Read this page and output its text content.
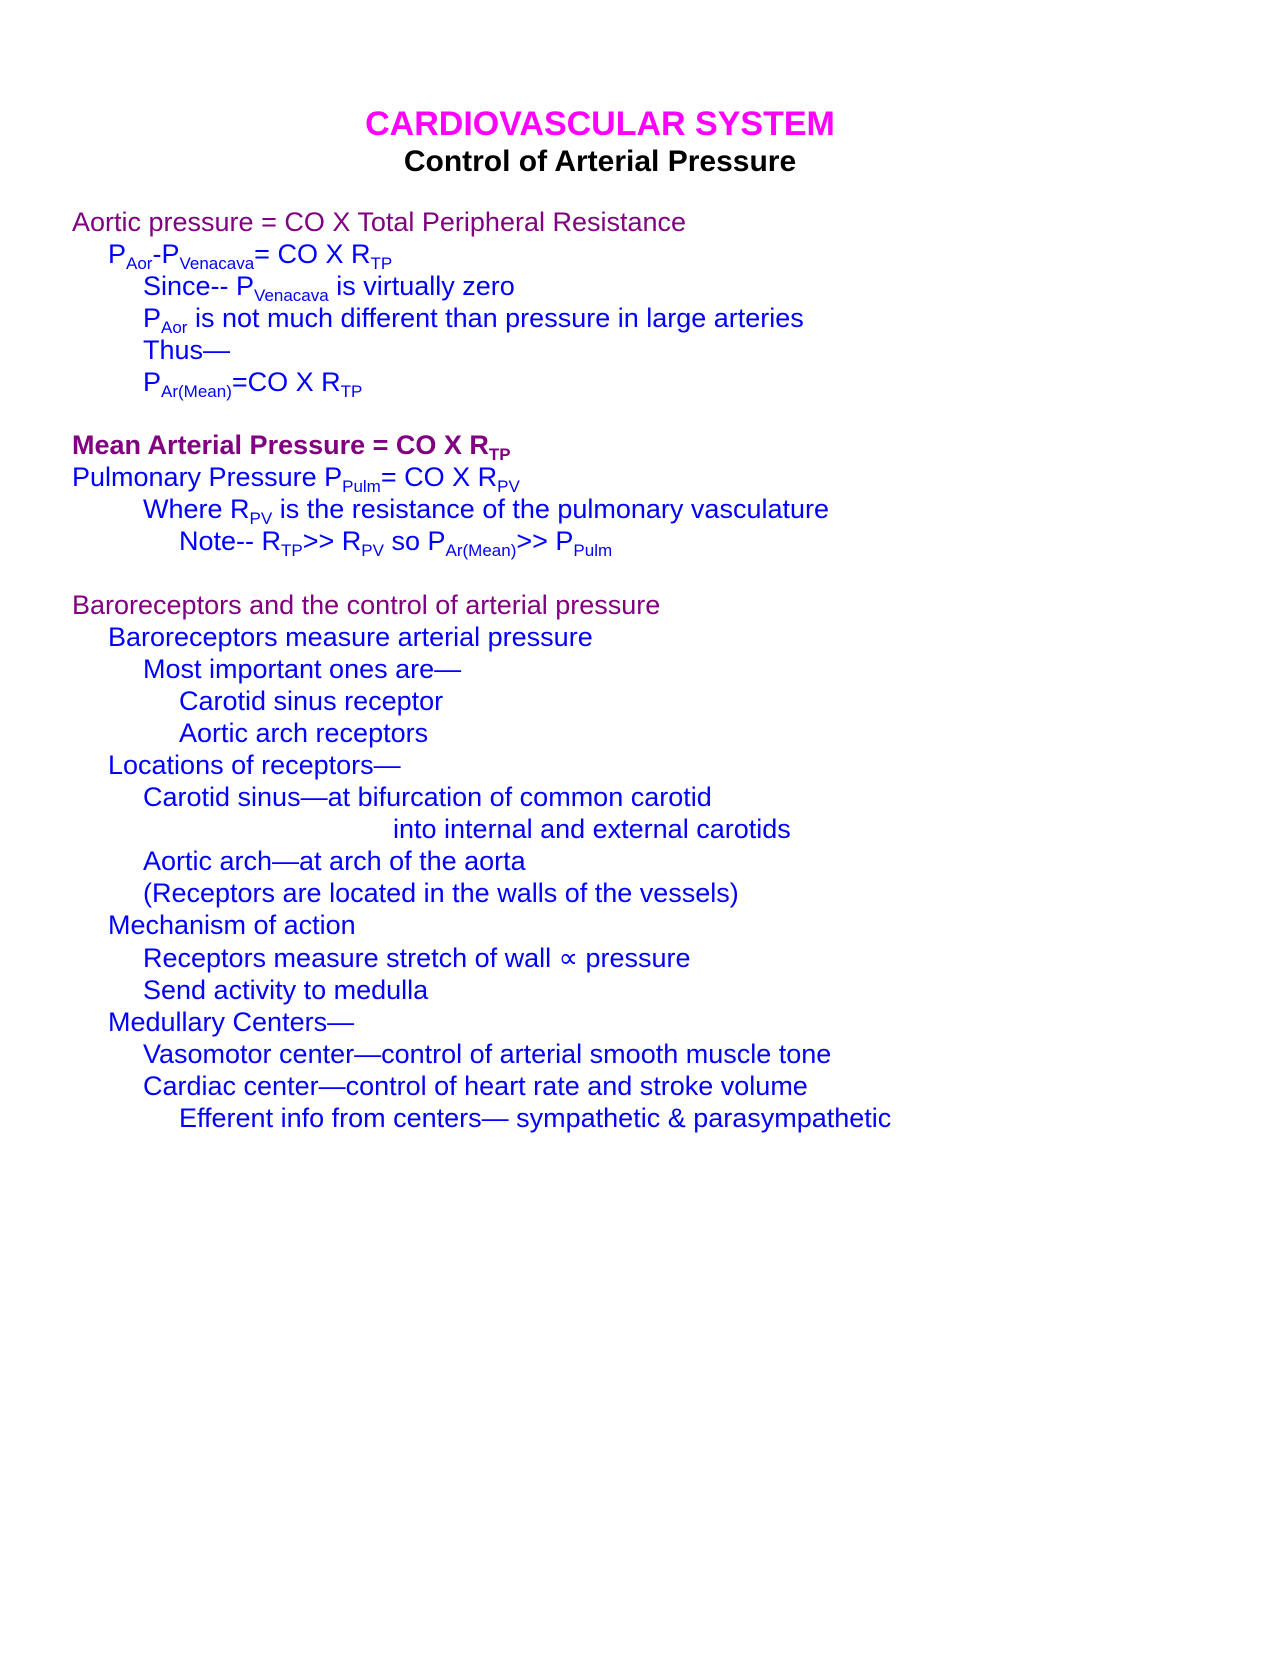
CARDIOVASCULAR SYSTEM
Control of Arterial Pressure

Aortic pressure = CO X Total Peripheral Resistance

$P_{Aor}-P_{Venacava}=$ CO X $R_{TP}$

Since-- $P_{Venacava}$ is virtually zero

$P_{Aor}$ is not much different than pressure in large arteries

Thus—

$P_{Ar(Mean)}=CO$ X $R_{TP}$

Mean Arterial Pressure = CO X $R_{TP}$

Pulmonary Pressure $P_{Pulm}=$ CO X $R_{PV}$

Where $R_{PV}$ is the resistance of the pulmonary vasculature

Note-- $R_{TP}>> R_{PV}$ so $P_{Ar(Mean)}>> P_{Pulm}$

Baroreceptors and the control of arterial pressure

Baroreceptors measure arterial pressure

Most important ones are—

Carotid sinus receptor

Aortic arch receptors

Locations of receptors—

Carotid sinus—at bifurcation of common carotid

into internal and external carotids

Aortic arch—at arch of the aorta

(Receptors are located in the walls of the vessels)

Mechanism of action

Receptors measure stretch of wall ∝ pressure

Send activity to medulla

Medullary Centers—

Vasomotor center—control of arterial smooth muscle tone

Cardiac center—control of heart rate and stroke volume

Efferent info from centers— sympathetic & parasympathetic
